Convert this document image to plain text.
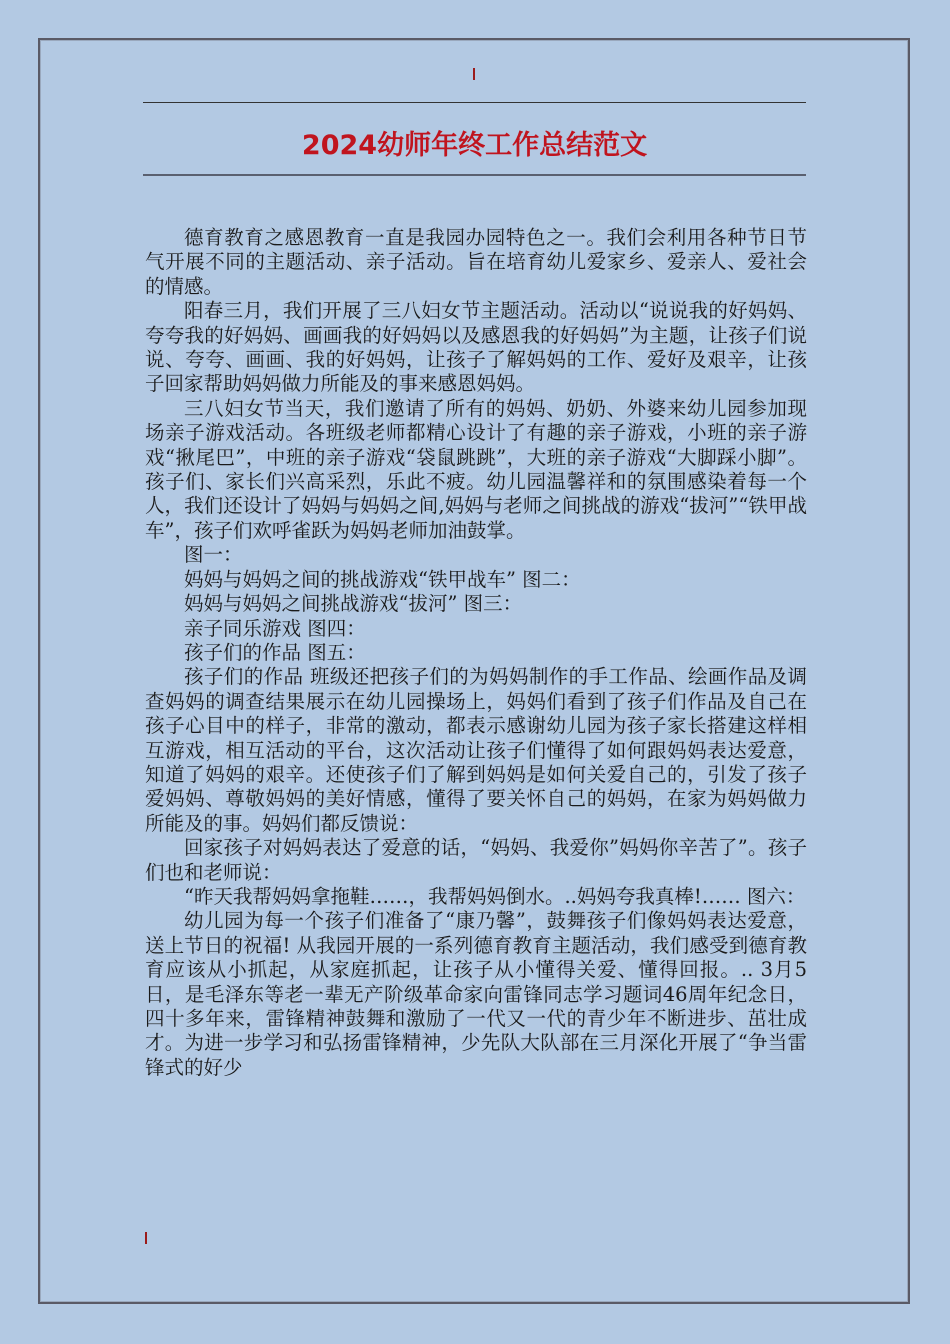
2024幼师年终工作总结范文

德育教育之感恩教育一直是我园办园特色之一。我们会利用各种节日节气开展不同的主题活动、亲子活动。旨在培育幼儿爱家乡、爱亲人、爱社会的情感。

阳春三月，我们开展了三八妇女节主题活动。活动以“说说我的好妈妈、夸夸我的好妈妈、画画我的好妈妈以及感恩我的好妈妈”为主题，让孩子们说说、夸夸、画画、我的好妈妈，让孩子了解妈妈的工作、爱好及艰辛，让孩子回家帮助妈妈做力所能及的事来感恩妈妈。

三八妇女节当天，我们邀请了所有的妈妈、奶奶、外婆来幼儿园参加现场亲子游戏活动。各班级老师都精心设计了有趣的亲子游戏，小班的亲子游戏“揪尾巴”，中班的亲子游戏“袋鼠跳跳”，大班的亲子游戏“大脚踩小脚”。孩子们、家长们兴高采烈，乐此不疲。幼儿园温馨祥和的氛围感染着每一个人，我们还设计了妈妈与妈妈之间,妈妈与老师之间挑战的游戏“拔河”“铁甲战车”，孩子们欢呼雀跃为妈妈老师加油鼓掌。

图一：

妈妈与妈妈之间的挑战游戏“铁甲战车” 图二：

妈妈与妈妈之间挑战游戏“拔河” 图三：

亲子同乐游戏 图四：

孩子们的作品 图五：

孩子们的作品 班级还把孩子们的为妈妈制作的手工作品、绘画作品及调查妈妈的调查结果展示在幼儿园操场上，妈妈们看到了孩子们作品及自己在孩子心目中的样子，非常的激动，都表示感谢幼儿园为孩子家长搭建这样相互游戏，相互活动的平台，这次活动让孩子们懂得了如何跟妈妈表达爱意，知道了妈妈的艰辛。还使孩子们了解到妈妈是如何关爱自己的，引发了孩子爱妈妈、尊敬妈妈的美好情感，懂得了要关怀自己的妈妈，在家为妈妈做力所能及的事。妈妈们都反馈说：

回家孩子对妈妈表达了爱意的话，“妈妈、我爱你”妈妈你辛苦了”。孩子们也和老师说：

“昨天我帮妈妈拿拖鞋……，我帮妈妈倒水。..妈妈夸我真棒!…… 图六：

幼儿园为每一个孩子们准备了“康乃馨”，鼓舞孩子们像妈妈表达爱意，送上节日的祝福! 从我园开展的一系列德育教育主题活动，我们感受到德育教育应该从小抓起，从家庭抓起，让孩子从小懂得关爱、懂得回报。.. 3月5日，是毛泽东等老一辈无产阶级革命家向雷锋同志学习题词46周年纪念日，四十多年来，雷锋精神鼓舞和激励了一代又一代的青少年不断进步、茁壮成才。为进一步学习和弘扬雷锋精神，少先队大队部在三月深化开展了“争当雷锋式的好少
